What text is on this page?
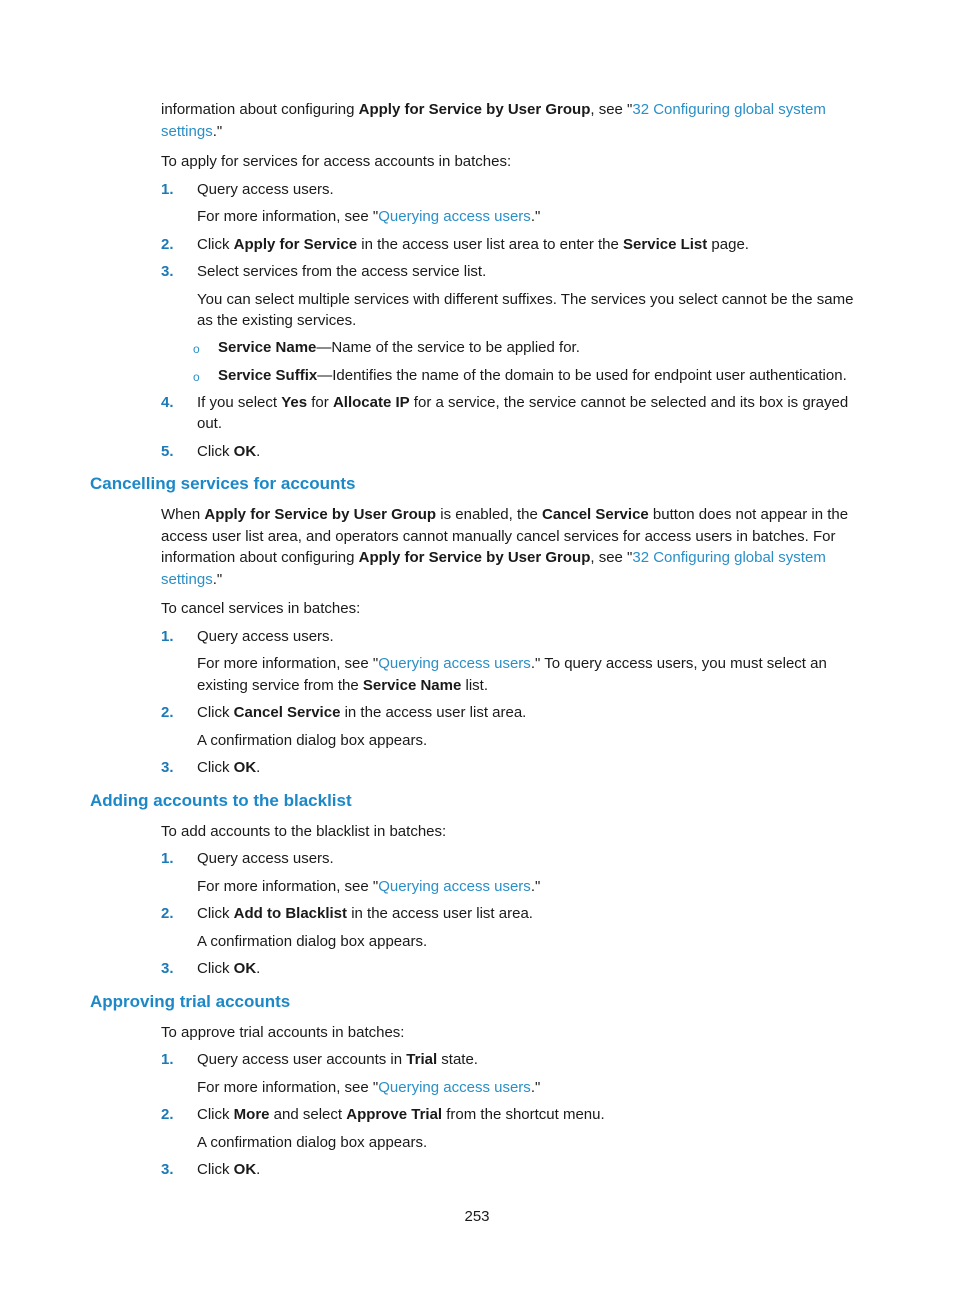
information about configuring Apply for Service by User Group, see "32 Configuring global system
settings."
To apply for services for access accounts in batches:
1. Query access users.
For more information, see "Querying access users."
2. Click Apply for Service in the access user list area to enter the Service List page.
3. Select services from the access service list.
You can select multiple services with different suffixes. The services you select cannot be the same
as the existing services.
o Service Name—Name of the service to be applied for.
o Service Suffix—Identifies the name of the domain to be used for endpoint user authentication.
4. If you select Yes for Allocate IP for a service, the service cannot be selected and its box is grayed
out.
5. Click OK.
Cancelling services for accounts
When Apply for Service by User Group is enabled, the Cancel Service button does not appear in the
access user list area, and operators cannot manually cancel services for access users in batches. For
information about configuring Apply for Service by User Group, see "32 Configuring global system
settings."
To cancel services in batches:
1. Query access users.
For more information, see "Querying access users." To query access users, you must select an
existing service from the Service Name list.
2. Click Cancel Service in the access user list area.
A confirmation dialog box appears.
3. Click OK.
Adding accounts to the blacklist
To add accounts to the blacklist in batches:
1. Query access users.
For more information, see "Querying access users."
2. Click Add to Blacklist in the access user list area.
A confirmation dialog box appears.
3. Click OK.
Approving trial accounts
To approve trial accounts in batches:
1. Query access user accounts in Trial state.
For more information, see "Querying access users."
2. Click More and select Approve Trial from the shortcut menu.
A confirmation dialog box appears.
3. Click OK.
253
